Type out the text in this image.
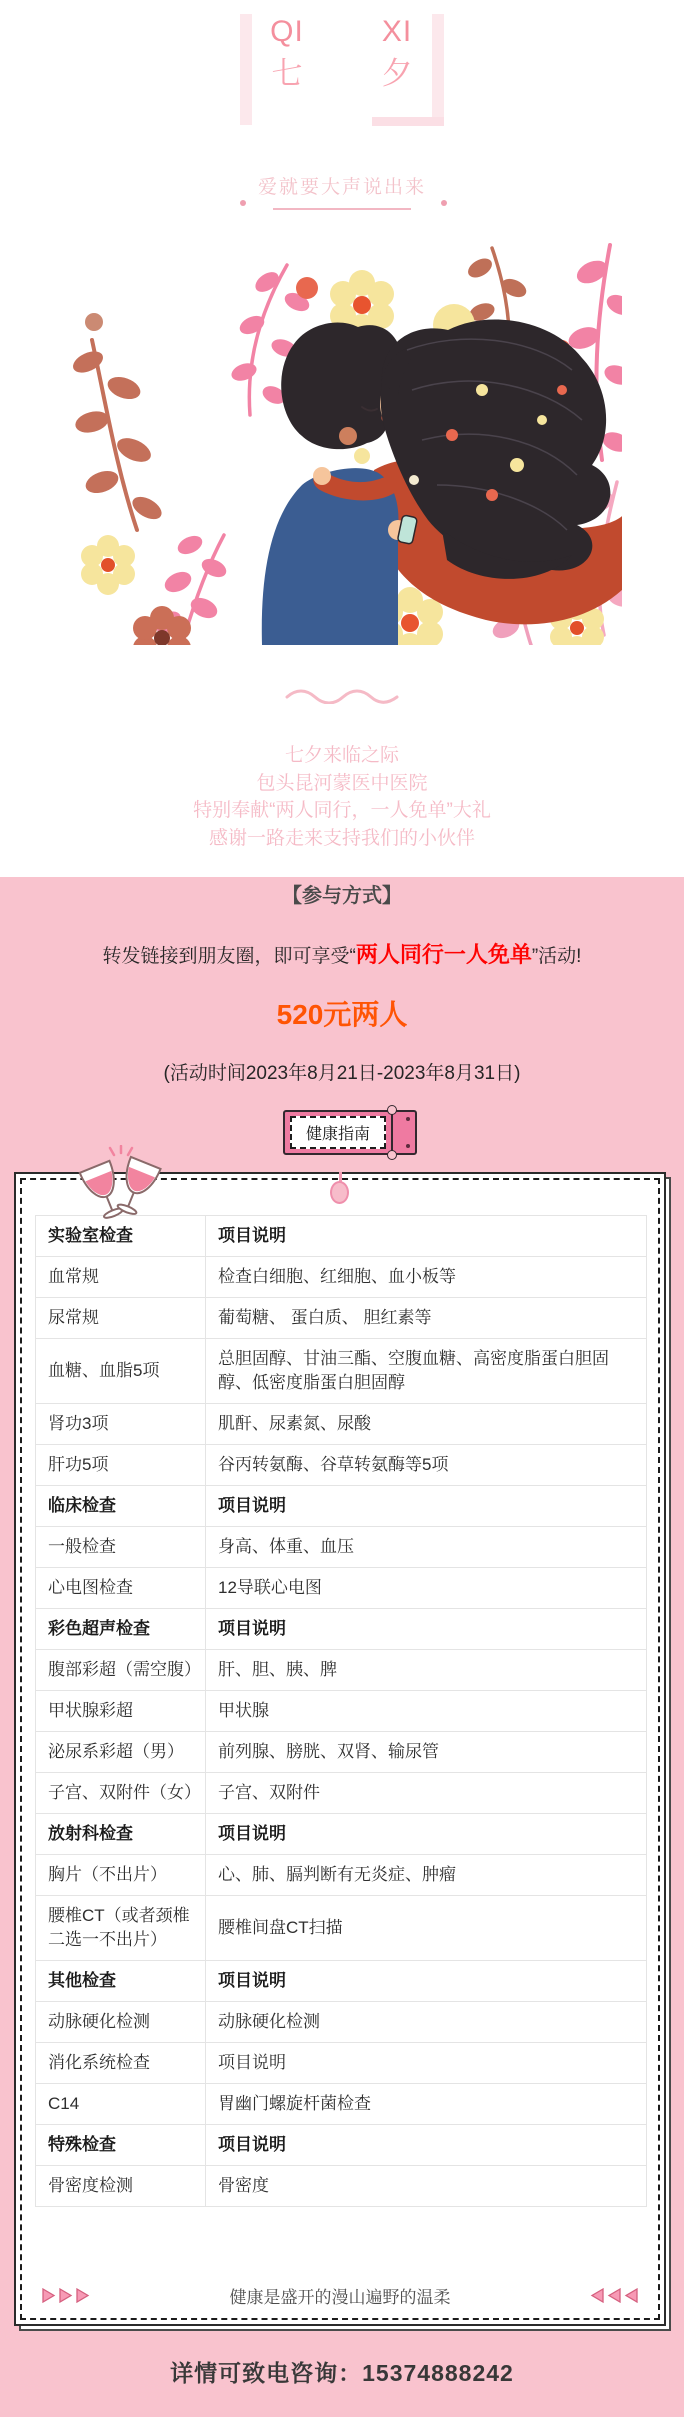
QI
七
XI
夕
爱就要大声说出来
七夕来临之际
包头昆河蒙医中医院
特别奉献“两人同行，一人免单”大礼
感谢一路走来支持我们的小伙伴
【参与方式】
转发链接到朋友圈，即可享受“两人同行一人免单”活动!
520元两人
(活动时间2023年8月21日-2023年8月31日)
健康指南
实验室检查	项目说明
血常规	检查白细胞、红细胞、血小板等
尿常规	葡萄糖、 蛋白质、 胆红素等
血糖、血脂5项	总胆固醇、甘油三酯、空腹血糖、高密度脂蛋白胆固醇、低密度脂蛋白胆固醇
肾功3项	肌酐、尿素氮、尿酸
肝功5项	谷丙转氨酶、谷草转氨酶等5项
临床检查	项目说明
一般检查	身高、体重、血压
心电图检查	12导联心电图
彩色超声检查	项目说明
腹部彩超（需空腹）	肝、胆、胰、脾
甲状腺彩超	甲状腺
泌尿系彩超（男）	前列腺、膀胱、双肾、输尿管
子宫、双附件（女）	子宫、双附件
放射科检查	项目说明
胸片（不出片）	心、肺、膈判断有无炎症、肿瘤
腰椎CT（或者颈椎二选一不出片）	腰椎间盘CT扫描
其他检查	项目说明
动脉硬化检测	动脉硬化检测
消化系统检查	项目说明
C14	胃幽门螺旋杆菌检查
特殊检查	项目说明
骨密度检测	骨密度
健康是盛开的漫山遍野的温柔
详情可致电咨询：15374888242
